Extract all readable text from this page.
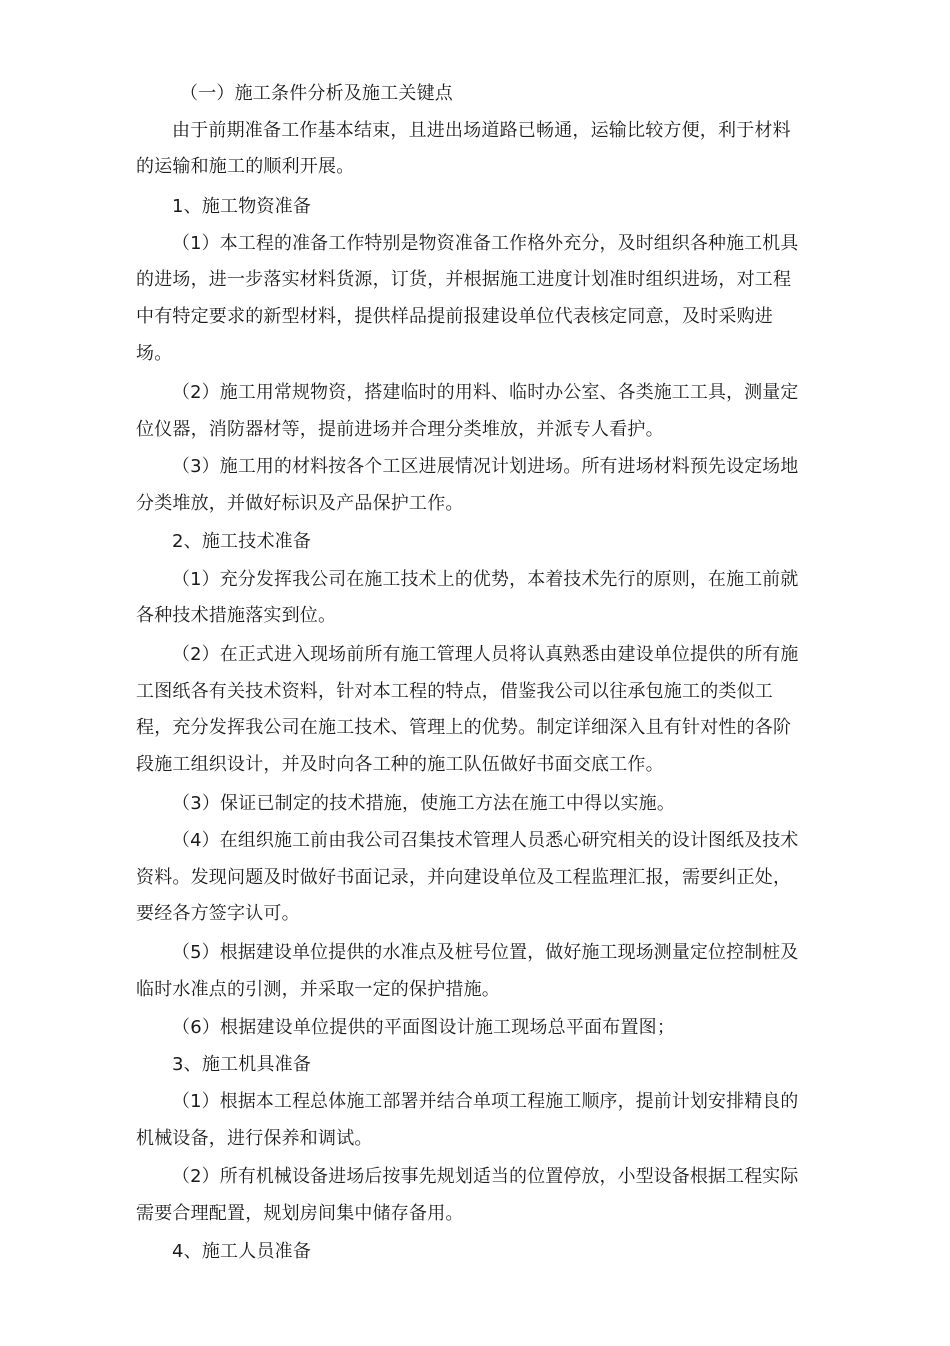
（一）施工条件分析及施工关键点
由于前期准备工作基本结束，且进出场道路已畅通，运输比较方便，利于材料
的运输和施工的顺利开展。
1、施工物资准备
（1）本工程的准备工作特别是物资准备工作格外充分，及时组织各种施工机具
的进场，进一步落实材料货源，订货，并根据施工进度计划准时组织进场，对工程
中有特定要求的新型材料，提供样品提前报建设单位代表核定同意，及时采购进
场。
（2）施工用常规物资，搭建临时的用料、临时办公室、各类施工工具，测量定
位仪器，消防器材等，提前进场并合理分类堆放，并派专人看护。
（3）施工用的材料按各个工区进展情况计划进场。所有进场材料预先设定场地
分类堆放，并做好标识及产品保护工作。
2、施工技术准备
（1）充分发挥我公司在施工技术上的优势，本着技术先行的原则，在施工前就
各种技术措施落实到位。
（2）在正式进入现场前所有施工管理人员将认真熟悉由建设单位提供的所有施
工图纸各有关技术资料，针对本工程的特点，借鉴我公司以往承包施工的类似工
程，充分发挥我公司在施工技术、管理上的优势。制定详细深入且有针对性的各阶
段施工组织设计，并及时向各工种的施工队伍做好书面交底工作。
（3）保证已制定的技术措施，使施工方法在施工中得以实施。
（4）在组织施工前由我公司召集技术管理人员悉心研究相关的设计图纸及技术
资料。发现问题及时做好书面记录，并向建设单位及工程监理汇报，需要纠正处，
要经各方签字认可。
（5）根据建设单位提供的水准点及桩号位置，做好施工现场测量定位控制桩及
临时水准点的引测，并采取一定的保护措施。
（6）根据建设单位提供的平面图设计施工现场总平面布置图；
3、施工机具准备
（1）根据本工程总体施工部署并结合单项工程施工顺序，提前计划安排精良的
机械设备，进行保养和调试。
（2）所有机械设备进场后按事先规划适当的位置停放，小型设备根据工程实际
需要合理配置，规划房间集中储存备用。
4、施工人员准备
